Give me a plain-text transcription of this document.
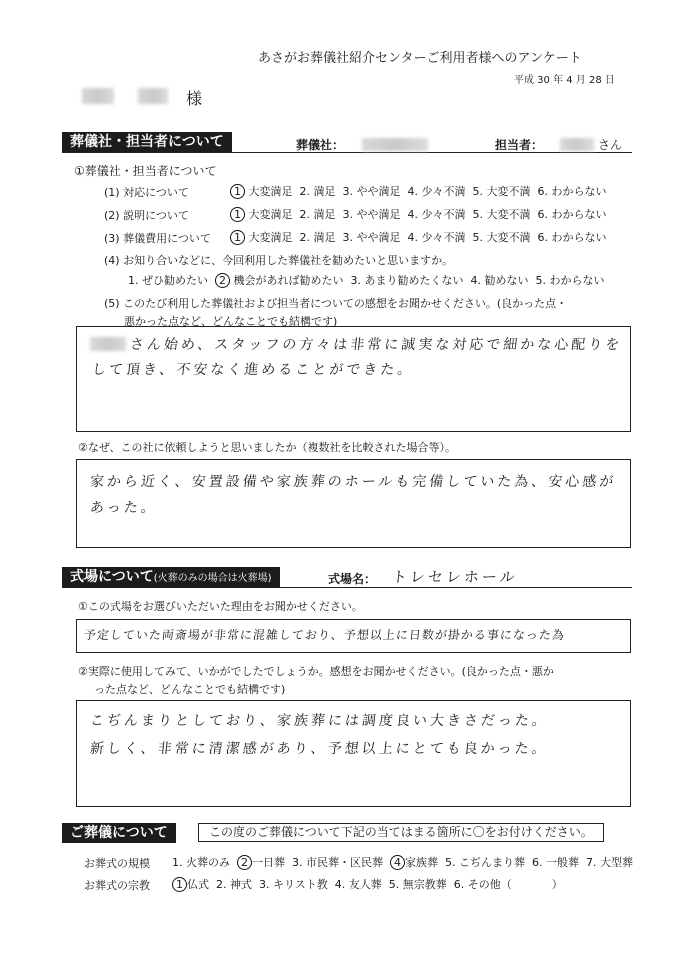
あさがお葬儀社紹介センターご利用者様へのアンケート
平成 30 年 4 月 28 日
様
葬儀社・担当者について	葬儀社：	担当者：	さん
①葬儀社・担当者について
(1) 対応について	1 大変満足 2. 満足 3. やや満足 4. 少々不満 5. 大変不満 6. わからない
(2) 説明について	1 大変満足 2. 満足 3. やや満足 4. 少々不満 5. 大変不満 6. わからない
(3) 葬儀費用について	1 大変満足 2. 満足 3. やや満足 4. 少々不満 5. 大変不満 6. わからない
(4) お知り合いなどに、今回利用した葬儀社を勧めたいと思いますか。
1. ぜひ勧めたい 2 機会があれば勧めたい 3. あまり勧めたくない 4. 勧めない 5. わからない
(5) このたび利用した葬儀社および担当者についての感想をお聞かせください。(良かった点・
悪かった点など、どんなことでも結構です)
さん始め、スタッフの方々は非常に誠実な対応で細かな心配りを
して頂き、不安なく進めることができた。
②なぜ、この社に依頼しようと思いましたか（複数社を比較された場合等）。
家から近く、安置設備や家族葬のホールも完備していた為、安心感が
あった。
式場について(火葬のみの場合は火葬場)	式場名： トレセレホール
①この式場をお選びいただいた理由をお聞かせください。
予定していた両斎場が非常に混雑しており、予想以上に日数が掛かる事になった為
②実際に使用してみて、いかがでしたでしょうか。感想をお聞かせください。(良かった点・悪か
った点など、どんなことでも結構です)
こぢんまりとしており、家族葬には調度良い大きさだった。
新しく、非常に清潔感があり、予想以上にとても良かった。
ご葬儀について	この度のご葬儀について下記の当てはまる箇所に〇をお付けください。
お葬式の規模 1. 火葬のみ 2 一日葬 3. 市民葬・区民葬 4 家族葬 5. こぢんまり葬 6. 一般葬 7. 大型葬
お葬式の宗教	1 仏式 2. 神式 3. キリスト教 4. 友人葬 5. 無宗教葬 6. その他（	）
